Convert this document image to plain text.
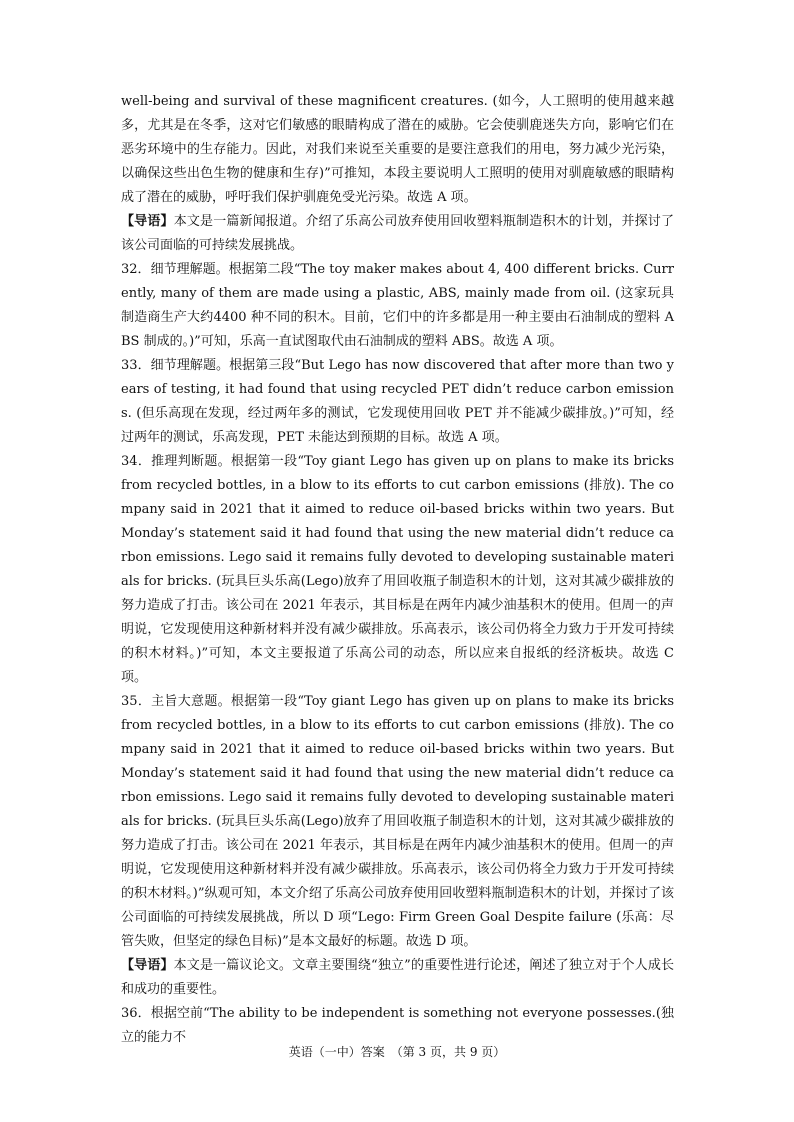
well-being and survival of these magnificent creatures. (如今，人工照明的使用越来越多，尤其是在冬季，这对它们敏感的眼睛构成了潜在的威胁。它会使驯鹿迷失方向，影响它们在恶劣环境中的生存能力。因此，对我们来说至关重要的是要注意我们的用电，努力减少光污染，以确保这些出色生物的健康和生存)”可推知，本段主要说明人工照明的使用对驯鹿敏感的眼睛构成了潜在的威胁，呼吁我们保护驯鹿免受光污染。故选 A 项。

【导语】本文是一篇新闻报道。介绍了乐高公司放弃使用回收塑料瓶制造积木的计划，并探讨了该公司面临的可持续发展挑战。

32．细节理解题。根据第二段“The toy maker makes about 4, 400 different bricks. Currently, many of them are made using a plastic, ABS, mainly made from oil. (这家玩具制造商生产大约4400 种不同的积木。目前，它们中的许多都是用一种主要由石油制成的塑料 ABS 制成的。)”可知，乐高一直试图取代由石油制成的塑料 ABS。故选 A 项。

33．细节理解题。根据第三段“But Lego has now discovered that after more than two years of testing, it had found that using recycled PET didn’t reduce carbon emissions. (但乐高现在发现，经过两年多的测试，它发现使用回收 PET 并不能减少碳排放。)”可知，经过两年的测试，乐高发现，PET 未能达到预期的目标。故选 A 项。

34．推理判断题。根据第一段“Toy giant Lego has given up on plans to make its bricks from recycled bottles, in a blow to its efforts to cut carbon emissions (排放). The company said in 2021 that it aimed to reduce oil-based bricks within two years. But Monday’s statement said it had found that using the new material didn’t reduce carbon emissions. Lego said it remains fully devoted to developing sustainable materials for bricks. (玩具巨头乐高(Lego)放弃了用回收瓶子制造积木的计划，这对其减少碳排放的努力造成了打击。该公司在 2021 年表示，其目标是在两年内减少油基积木的使用。但周一的声明说，它发现使用这种新材料并没有减少碳排放。乐高表示，该公司仍将全力致力于开发可持续的积木材料。)”可知，本文主要报道了乐高公司的动态，所以应来自报纸的经济板块。故选 C 项。

35．主旨大意题。根据第一段“Toy giant Lego has given up on plans to make its bricks from recycled bottles, in a blow to its efforts to cut carbon emissions (排放). The company said in 2021 that it aimed to reduce oil-based bricks within two years. But Monday’s statement said it had found that using the new material didn’t reduce carbon emissions. Lego said it remains fully devoted to developing sustainable materials for bricks. (玩具巨头乐高(Lego)放弃了用回收瓶子制造积木的计划，这对其减少碳排放的努力造成了打击。该公司在 2021 年表示，其目标是在两年内减少油基积木的使用。但周一的声明说，它发现使用这种新材料并没有减少碳排放。乐高表示，该公司仍将全力致力于开发可持续的积木材料。)”纵观可知，本文介绍了乐高公司放弃使用回收塑料瓶制造积木的计划，并探讨了该公司面临的可持续发展挑战，所以 D 项“Lego: Firm Green Goal Despite failure (乐高：尽管失败，但坚定的绿色目标)”是本文最好的标题。故选 D 项。

【导语】本文是一篇议论文。文章主要围绕“独立”的重要性进行论述，阐述了独立对于个人成长和成功的重要性。

36．根据空前“The ability to be independent is something not everyone possesses.(独立的能力不

英语（一中）答案　（第 3 页，共 9 页）
